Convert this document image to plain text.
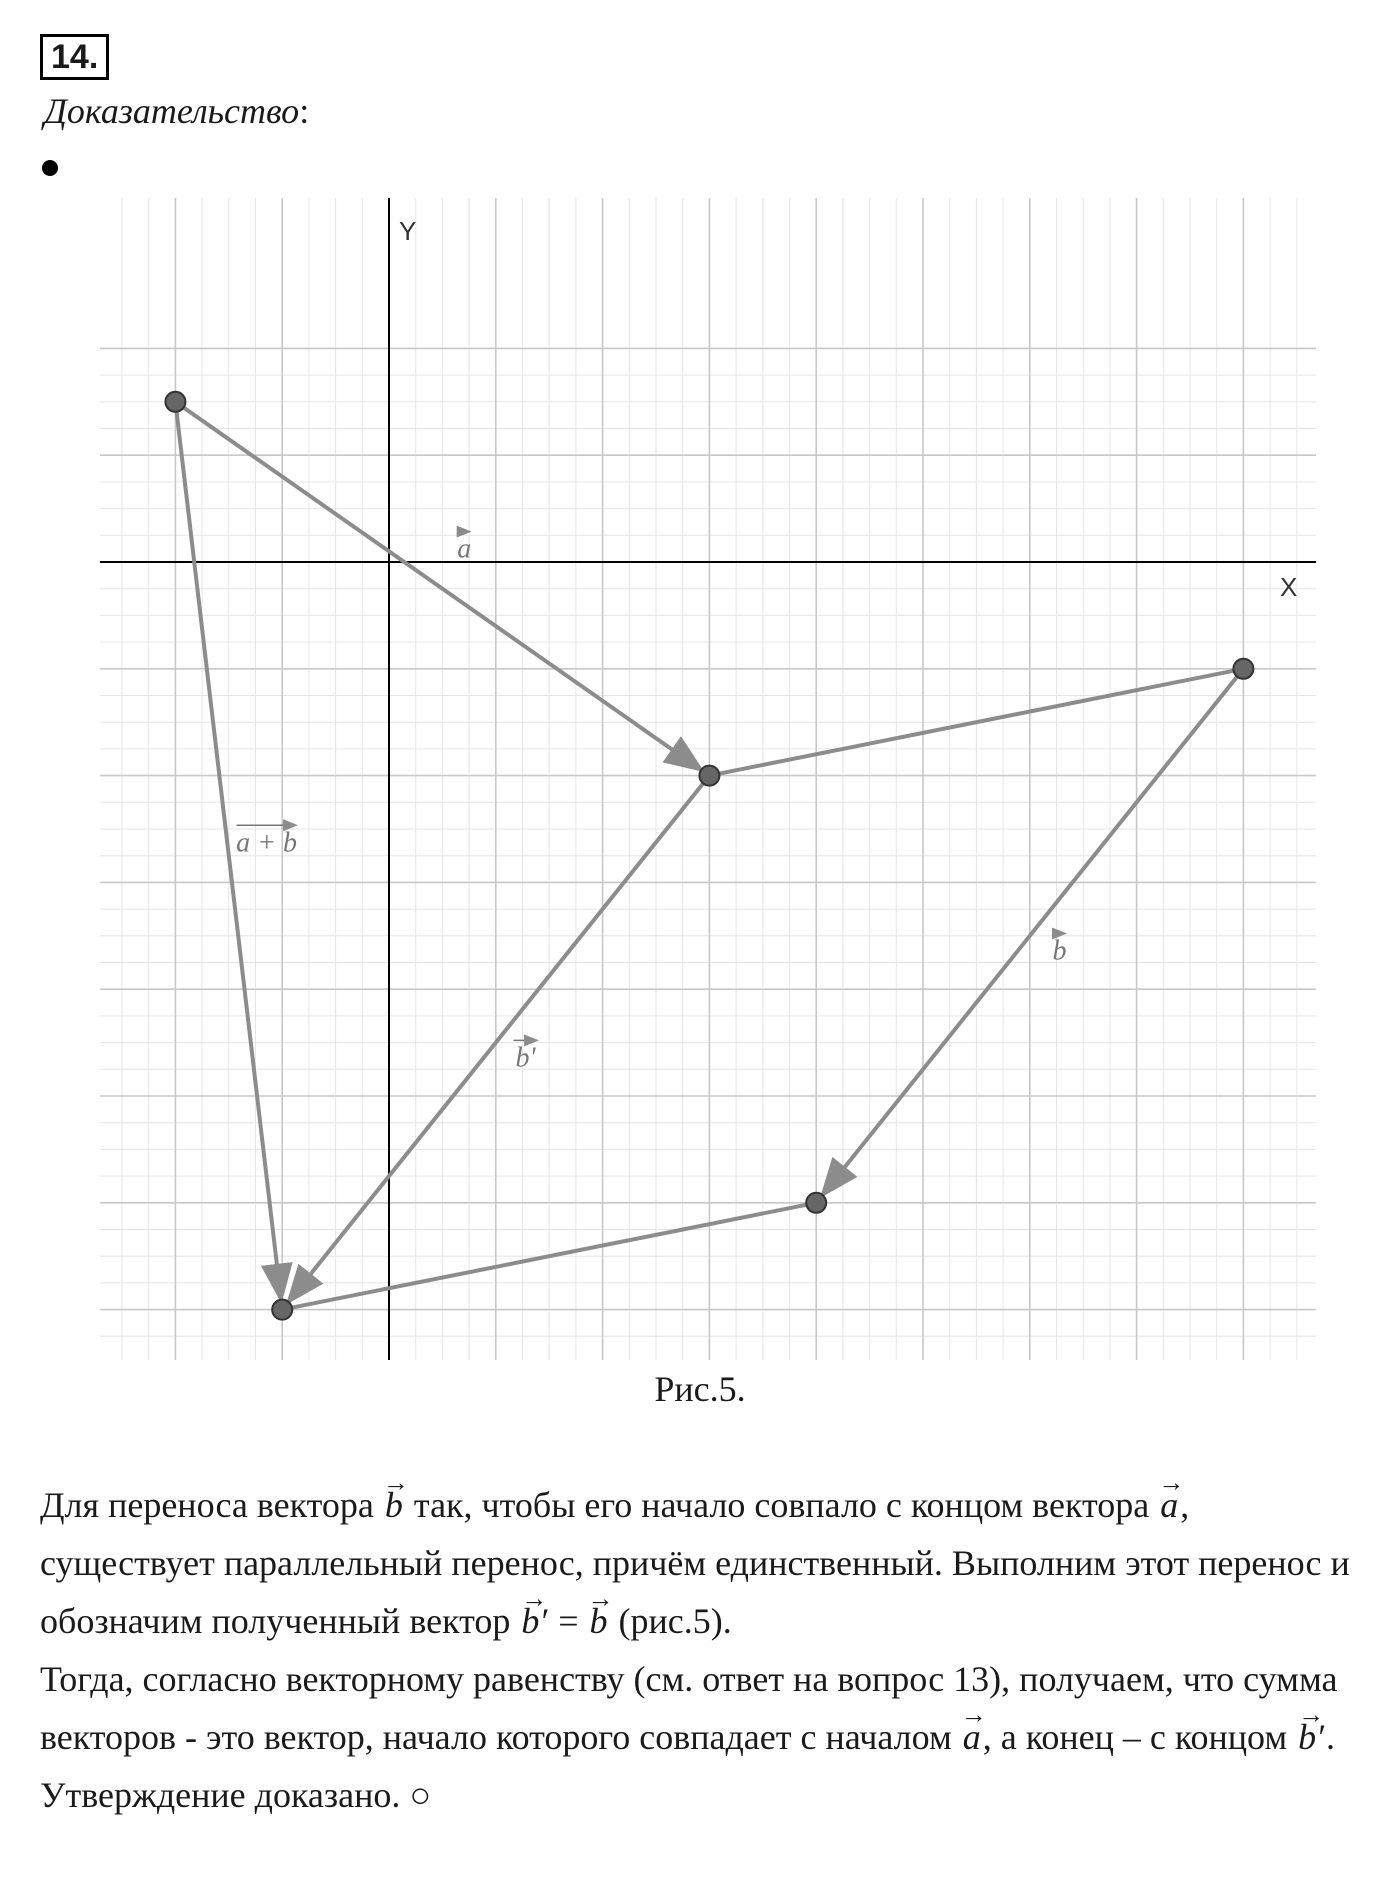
14.
Доказательство:
X
Y
a
b'
b
a + b
Рис.5.

Для переноса вектора → b так, чтобы его начало совпало с концом вектора → a, существует параллельный перенос, причём единственный. Выполним этот перенос и обозначим полученный вектор → b′ = → b (рис.5).

Тогда, согласно векторному равенству (см. ответ на вопрос 13), получаем, что сумма векторов - это вектор, начало которого совпадает с началом → a, а конец – с концом → b′.

Утверждение доказано. ○
